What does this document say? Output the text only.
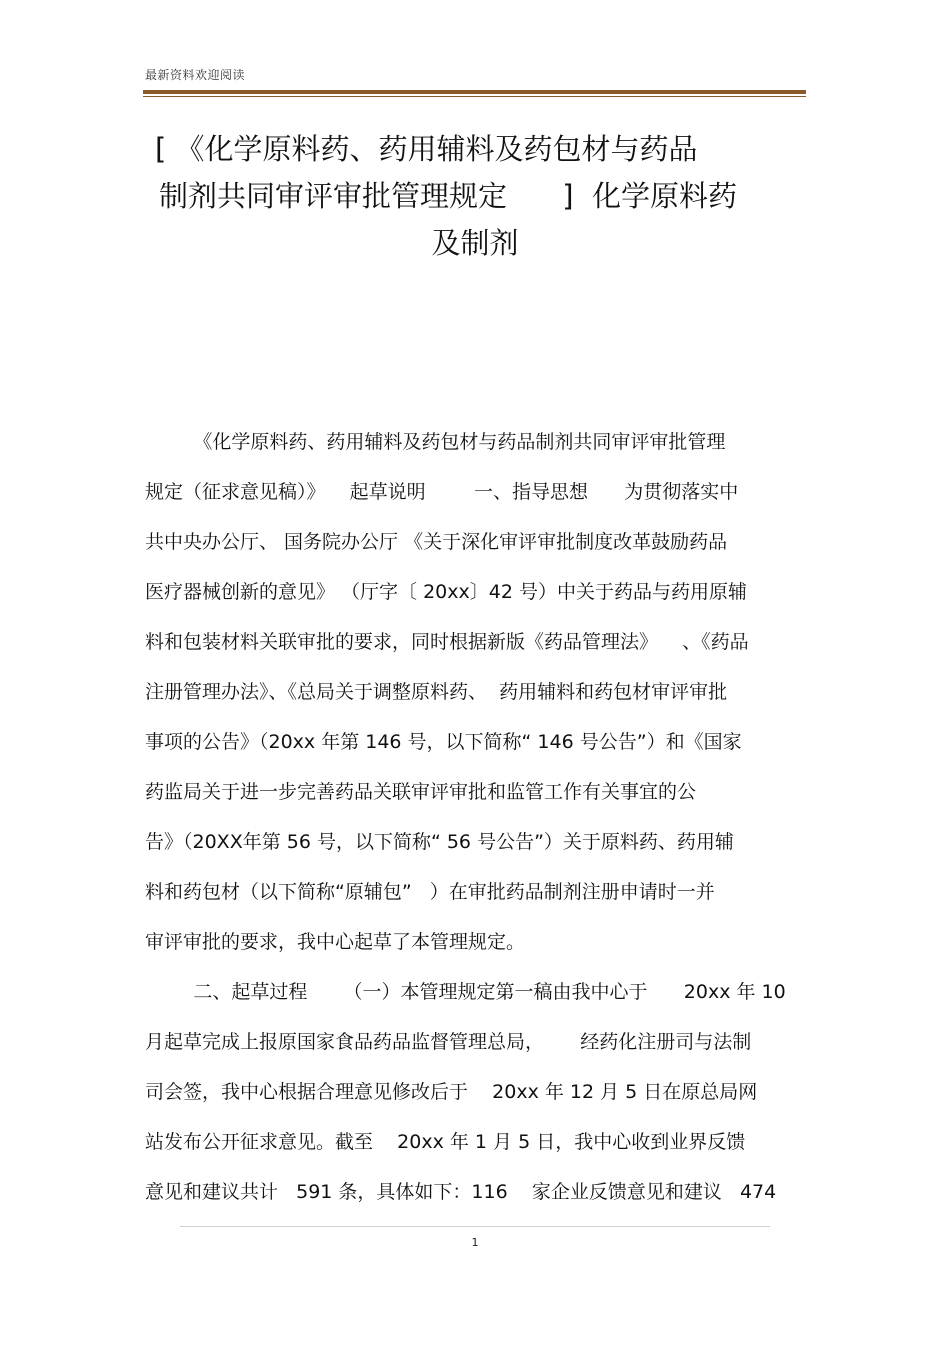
最新资料欢迎阅读
[ 《化学原料药、药用辅料及药包材与药品
制剂共同审评审批管理规定      ]  化学原料药
及制剂
《化学原料药、药用辅料及药包材与药品制剂共同审评审批管理
规定（征求意见稿）》    起草说明        一、指导思想      为贯彻落实中
共中央办公厅、 国务院办公厅 《关于深化审评审批制度改革鼓励药品
医疗器械创新的意见》 （厅字〔 20xx〕42 号）中关于药品与药用原辅
料和包装材料关联审批的要求，同时根据新版《药品管理法》    、《药品
注册管理办法》、《总局关于调整原料药、  药用辅料和药包材审评审批
事项的公告》（20xx 年第 146 号，以下简称“ 146 号公告”）和《国家
药监局关于进一步完善药品关联审评审批和监管工作有关事宜的公
告》（20XX年第 56 号，以下简称“ 56 号公告”）关于原料药、药用辅
料和药包材（以下简称“原辅包”   ）在审批药品制剂注册申请时一并
审评审批的要求，我中心起草了本管理规定。
二、起草过程      （一）本管理规定第一稿由我中心于      20xx 年 10
月起草完成上报原国家食品药品监督管理总局，      经药化注册司与法制
司会签，我中心根据合理意见修改后于    20xx 年 12 月 5 日在原总局网
站发布公开征求意见。截至    20xx 年 1 月 5 日，我中心收到业界反馈
意见和建议共计   591 条，具体如下：116    家企业反馈意见和建议   474
1
